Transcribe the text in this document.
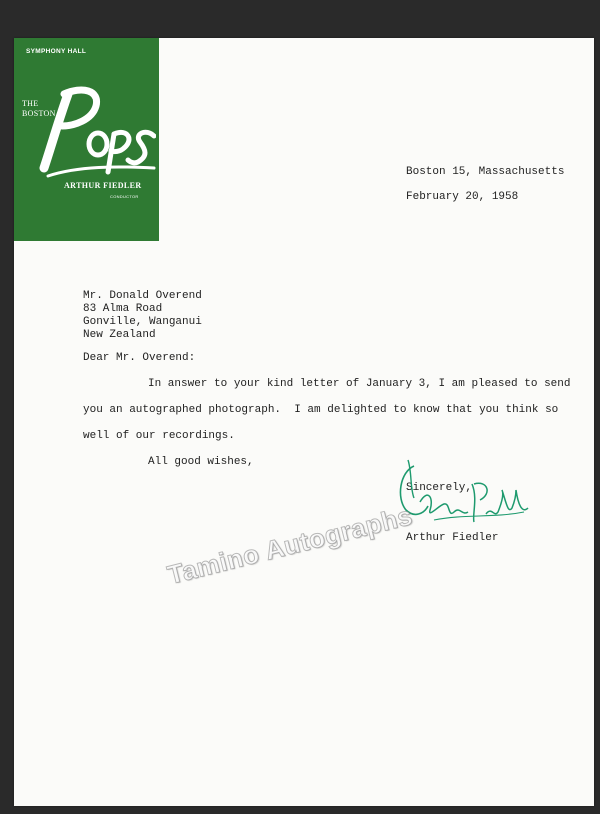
SYMPHONY HALL
THE
BOSTON
ARTHUR FIEDLER
CONDUCTOR
Boston 15, Massachusetts
February 20, 1958
Mr. Donald Overend
83 Alma Road
Gonville, Wanganui
New Zealand
Dear Mr. Overend:
In answer to your kind letter of January 3, I am pleased to send
you an autographed photograph.  I am delighted to know that you think so
well of our recordings.
All good wishes,
Sincerely,
Arthur Fiedler
Tamino Autographs
